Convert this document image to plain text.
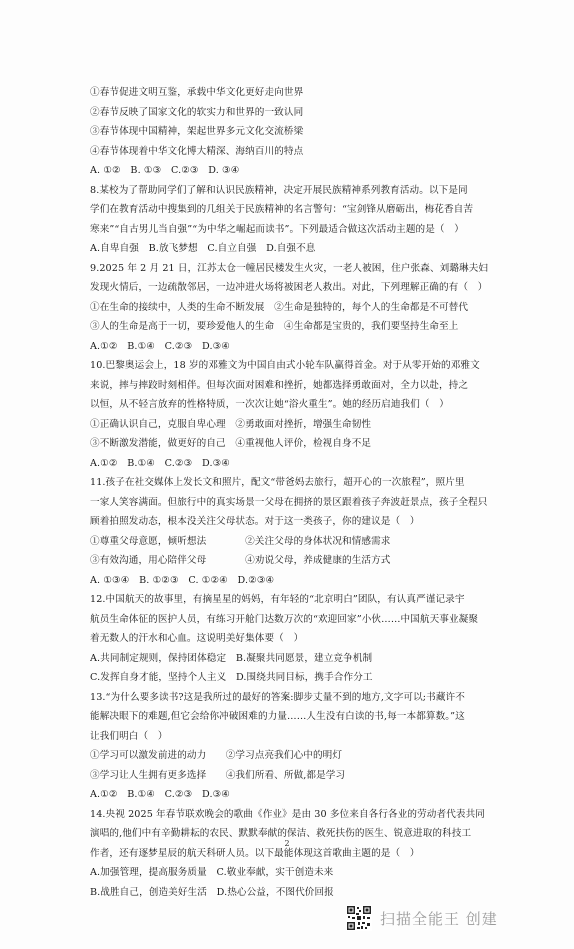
①春节促进文明互鉴，承载中华文化更好走向世界
②春节反映了国家文化的软实力和世界的一致认同
③春节体现中国精神，架起世界多元文化交流桥梁
④春节体现着中华文化博大精深、海纳百川的特点
A. ①②　B. ①③　C.②③　D. ③④
8.某校为了帮助同学们了解和认识民族精神，决定开展民族精神系列教育活动。以下是同
学们在教育活动中搜集到的几组关于民族精神的名言警句：“宝剑锋从磨砺出，梅花香自苦
寒来”“自古男儿当自强”“为中华之崛起而读书”。下列最适合做这次活动主题的是（　）
A.自卑自强　B.放飞梦想　C.自立自强　D.自强不息
9.2025 年 2 月 21 日，江苏太仓一幢居民楼发生火灾，一老人被困，住户张森、刘璐琳夫妇
发现火情后，一边疏散邻居，一边冲进火场将被困老人救出。对此，下列理解正确的有（　）
①在生命的接续中，人类的生命不断发展　②生命是独特的，每个人的生命都是不可替代
③人的生命是高于一切，要珍爱他人的生命　④生命都是宝贵的，我们要坚持生命至上
A.①②　B.①④　C.②③　D.③④
10.巴黎奥运会上，18 岁的邓雅文为中国自由式小轮车队赢得首金。对于从零开始的邓雅文
来说，摔与摔跤时刻相伴。但每次面对困难和挫折，她都选择勇敢面对，全力以赴，持之
以恒，从不轻言放弃的性格特质，一次次让她“浴火重生”。她的经历启迪我们（　）
①正确认识自己，克服自卑心理　②勇敢面对挫折，增强生命韧性
③不断激发潜能，做更好的自己　④重视他人评价，检视自身不足
A.①②　B.①④　C.②③　D.③④
11.孩子在社交媒体上发长文和照片，配文“带爸妈去旅行，超开心的一次旅程”，照片里
一家人笑容满面。但旅行中的真实场景一父母在拥挤的景区跟着孩子奔波赶景点，孩子全程只
顾着拍照发动态，根本没关注父母状态。对于这一类孩子，你的建议是（　）
①尊重父母意愿，倾听想法　　　　②关注父母的身体状况和情感需求
③有效沟通，用心陪伴父母　　　　④劝说父母，养成健康的生活方式
A. ①③④　B. ①②③　C. ①②④　D.②③④
12.中国航天的故事里，有摘星星的妈妈，有年轻的“北京明白”团队，有认真严谨记录宇
航员生命体征的医护人员，有练习开舱门达数万次的“欢迎回家”小伙……中国航天事业凝聚
着无数人的汗水和心血。这说明美好集体要（　）
A.共同制定规则，保持团体稳定　B.凝聚共同愿景，建立竞争机制
C.发挥自身才能，坚持个人主义　D.围绕共同目标，携手合作分工
13.“为什么要多读书?这是我所过的最好的答案:脚步丈量不到的地方,文字可以;书藏许不
能解决眼下的难题,但它会给你冲破困难的力量……人生没有白读的书,每一本都算数。”这
让我们明白（　）
①学习可以激发前进的动力　　②学习点亮我们心中的明灯
③学习让人生拥有更多选择　　④我们所看、所做,都是学习
A.①②　B.①④　C.②③　D.③④
14.央视 2025 年春节联欢晚会的歌曲《作业》是由 30 多位来自各行各业的劳动者代表共同
演唱的,他们中有辛勤耕耘的农民、默默奉献的保洁、救死扶伤的医生、锐意进取的科技工
作者，还有逐梦星辰的航天科研人员。以下最能体现这首歌曲主题的是（　）
A.加强管理，提高服务质量　C.敬业奉献，实干创造未来
B.战胜自己，创造美好生活　D.热心公益，不图代价回报
2
扫描全能王 创建
